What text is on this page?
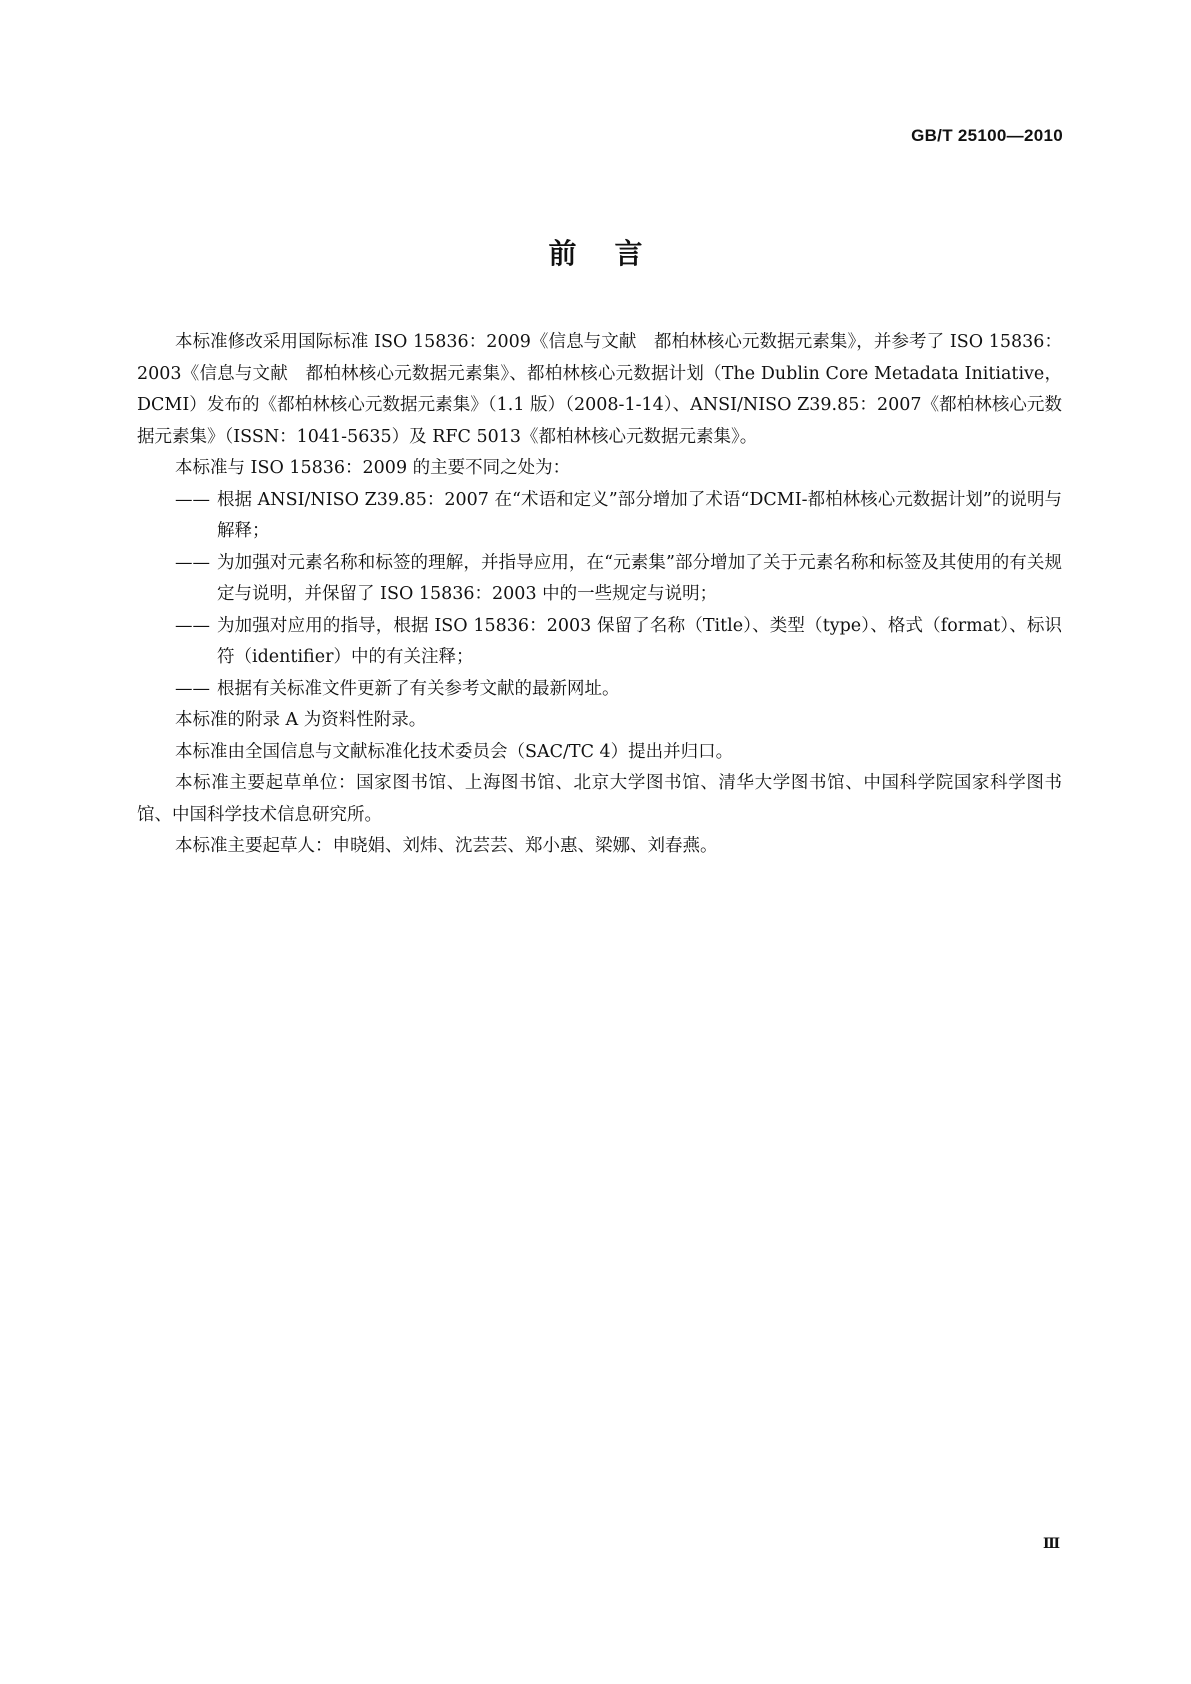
GB/T 25100—2010
前言

本标准修改采用国际标准 ISO 15836：2009《信息与文献　都柏林核心元数据元素集》，并参考了 ISO 15836：2003《信息与文献　都柏林核心元数据元素集》、都柏林核心元数据计划（The Dublin Core Metadata Initiative，DCMI）发布的《都柏林核心元数据元素集》（1.1 版）（2008-1-14）、ANSI/NISO Z39.85：2007《都柏林核心元数据元素集》（ISSN：1041-5635）及 RFC 5013《都柏林核心元数据元素集》。

本标准与 ISO 15836：2009 的主要不同之处为：

—— 根据 ANSI/NISO Z39.85：2007 在“术语和定义”部分增加了术语“DCMI-都柏林核心元数据计划”的说明与解释；
—— 为加强对元素名称和标签的理解，并指导应用，在“元素集”部分增加了关于元素名称和标签及其使用的有关规定与说明，并保留了 ISO 15836：2003 中的一些规定与说明；
—— 为加强对应用的指导，根据 ISO 15836：2003 保留了名称（Title）、类型（type）、格式（format）、标识符（identifier）中的有关注释；
—— 根据有关标准文件更新了有关参考文献的最新网址。

本标准的附录 A 为资料性附录。

本标准由全国信息与文献标准化技术委员会（SAC/TC 4）提出并归口。

本标准主要起草单位：国家图书馆、上海图书馆、北京大学图书馆、清华大学图书馆、中国科学院国家科学图书馆、中国科学技术信息研究所。

本标准主要起草人：申晓娟、刘炜、沈芸芸、郑小惠、梁娜、刘春燕。

Ⅲ
